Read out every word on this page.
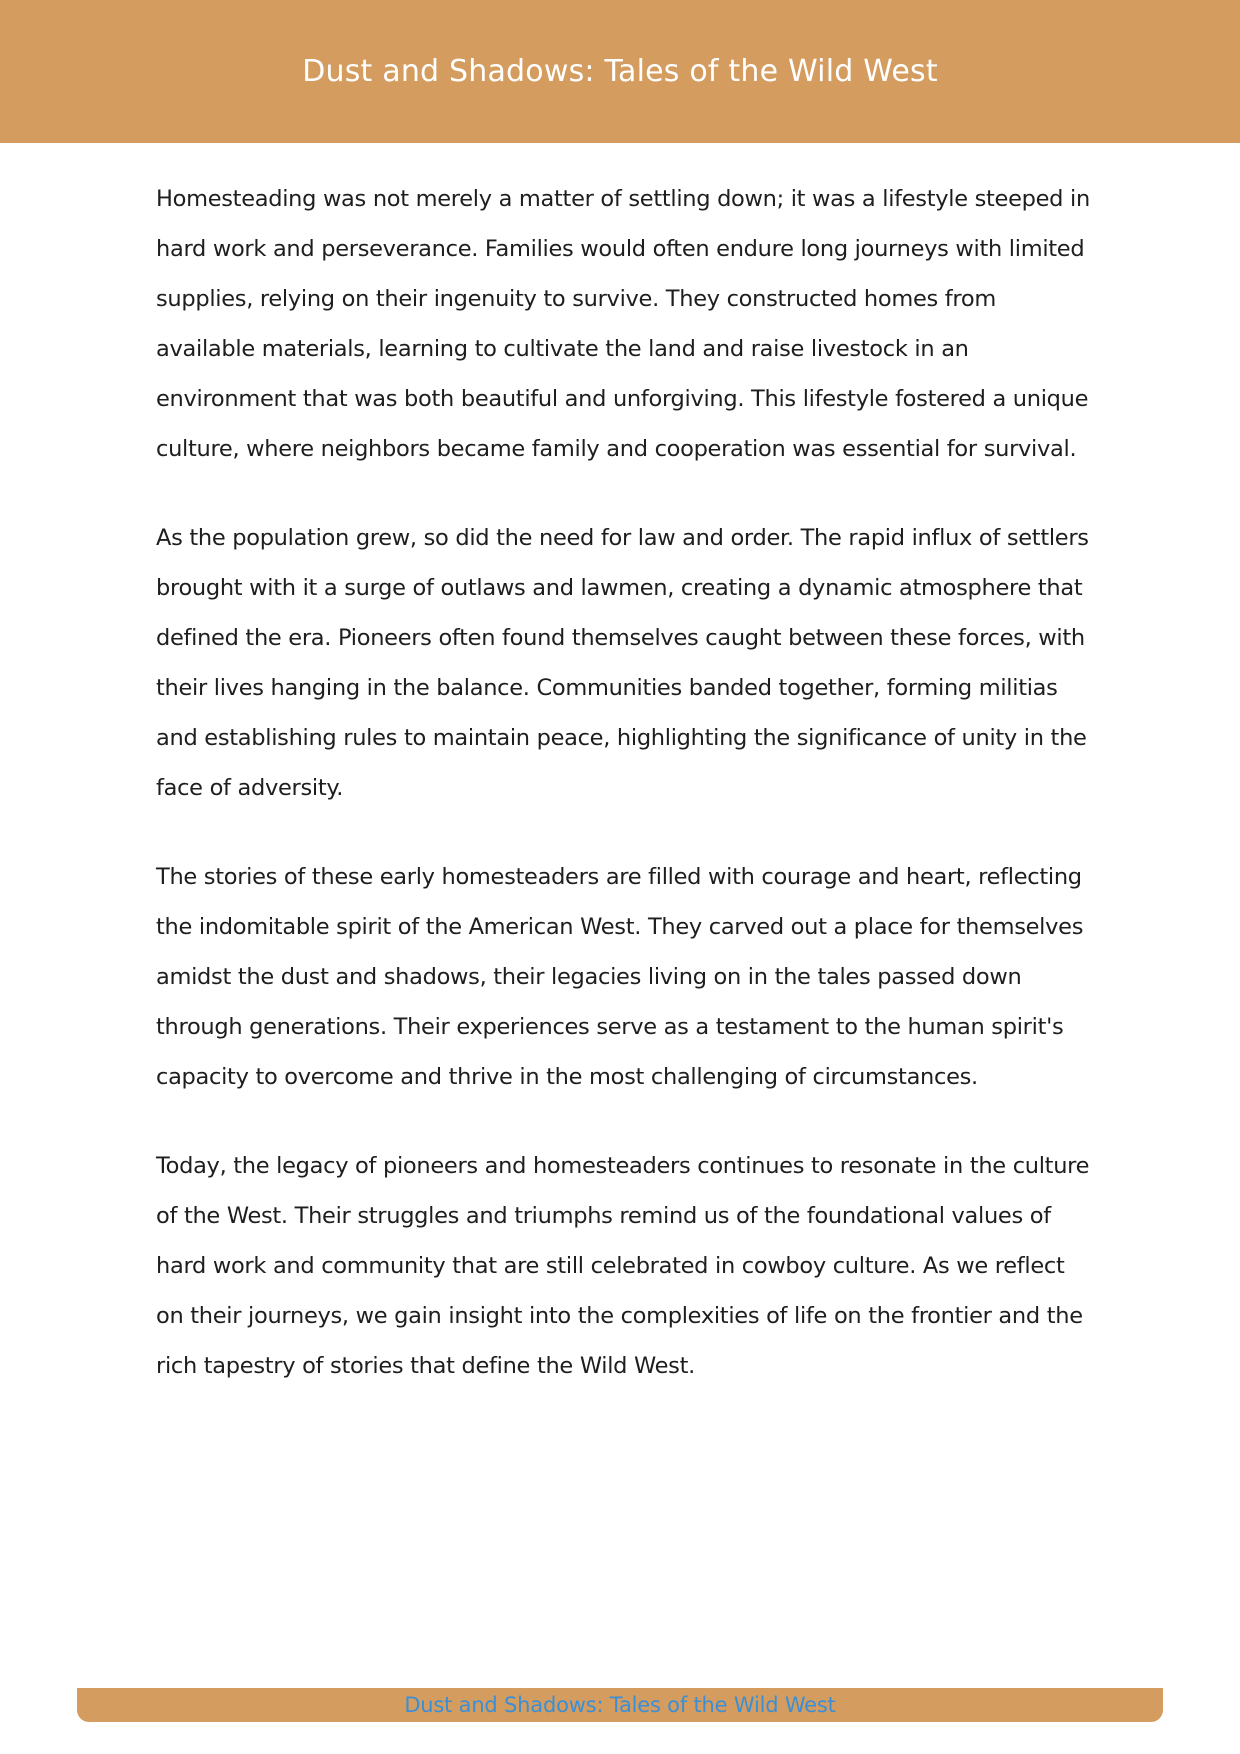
Dust and Shadows: Tales of the Wild West

Homesteading was not merely a matter of settling down; it was a lifestyle steeped in hard work and perseverance. Families would often endure long journeys with limited supplies, relying on their ingenuity to survive. They constructed homes from available materials, learning to cultivate the land and raise livestock in an environment that was both beautiful and unforgiving. This lifestyle fostered a unique culture, where neighbors became family and cooperation was essential for survival.

As the population grew, so did the need for law and order. The rapid influx of settlers brought with it a surge of outlaws and lawmen, creating a dynamic atmosphere that defined the era. Pioneers often found themselves caught between these forces, with their lives hanging in the balance. Communities banded together, forming militias and establishing rules to maintain peace, highlighting the significance of unity in the face of adversity.

The stories of these early homesteaders are filled with courage and heart, reflecting the indomitable spirit of the American West. They carved out a place for themselves amidst the dust and shadows, their legacies living on in the tales passed down through generations. Their experiences serve as a testament to the human spirit's capacity to overcome and thrive in the most challenging of circumstances.

Today, the legacy of pioneers and homesteaders continues to resonate in the culture of the West. Their struggles and triumphs remind us of the foundational values of hard work and community that are still celebrated in cowboy culture. As we reflect on their journeys, we gain insight into the complexities of life on the frontier and the rich tapestry of stories that define the Wild West.

Dust and Shadows: Tales of the Wild West
